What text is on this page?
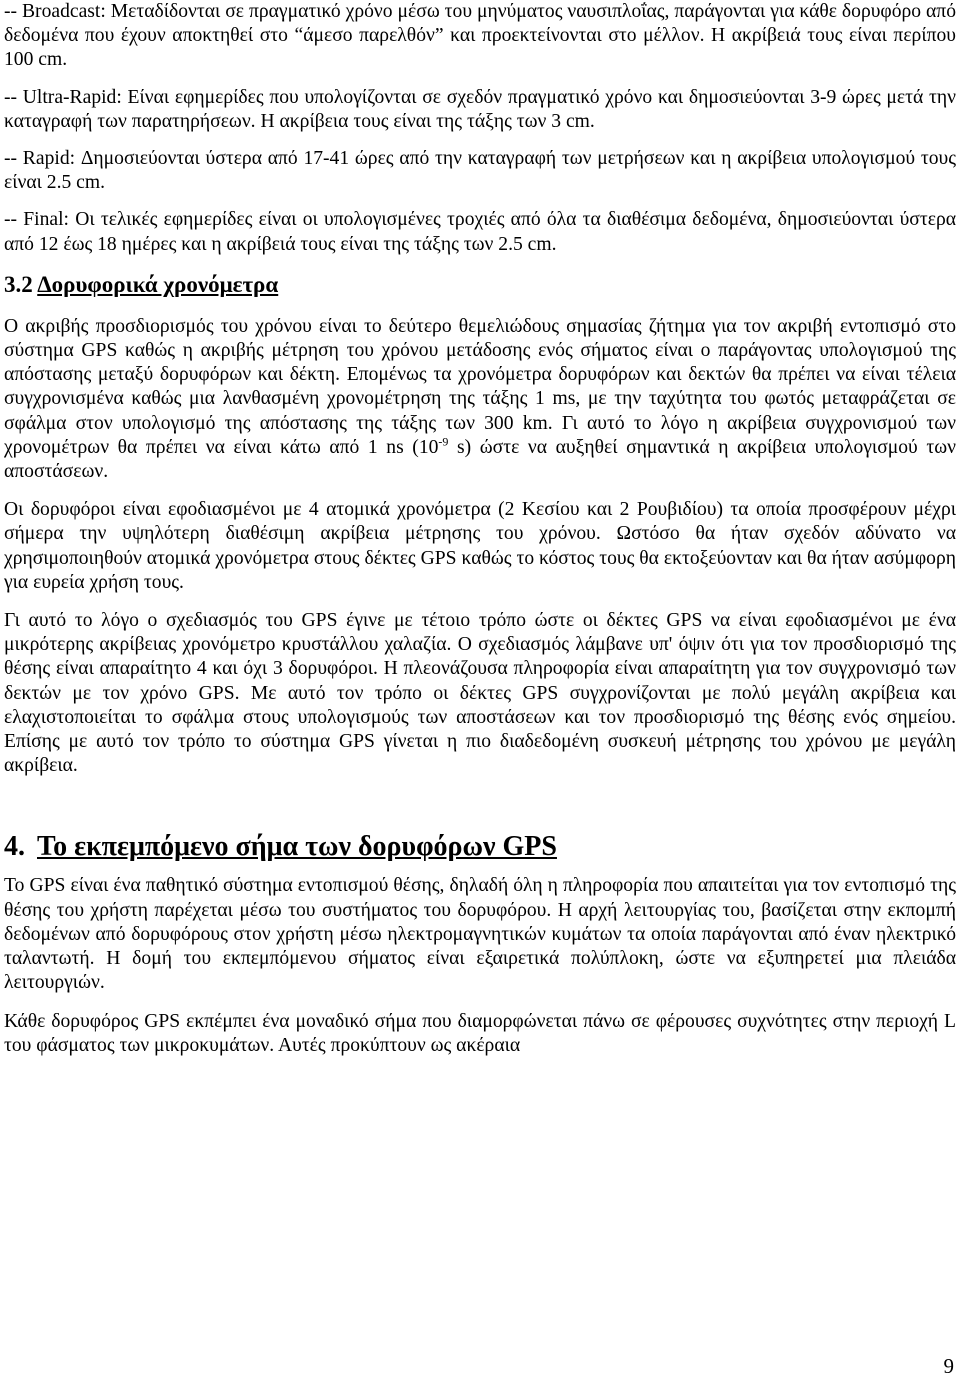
-- Broadcast: Μεταδίδονται σε πραγματικό χρόνο μέσω του μηνύματος ναυσιπλοΐας, παράγονται για κάθε δορυφόρο από δεδομένα που έχουν αποκτηθεί στο “άμεσο παρελθόν” και προεκτείνονται στο μέλλον. Η ακρίβειά τους είναι περίπου 100 cm.

-- Ultra-Rapid: Είναι εφημερίδες που υπολογίζονται σε σχεδόν πραγματικό χρόνο και δημοσιεύονται 3-9 ώρες μετά την καταγραφή των παρατηρήσεων. Η ακρίβεια τους είναι της τάξης των 3 cm.

-- Rapid: Δημοσιεύονται ύστερα από 17-41 ώρες από την καταγραφή των μετρήσεων και η ακρίβεια υπολογισμού τους είναι 2.5 cm.

-- Final: Οι τελικές εφημερίδες είναι οι υπολογισμένες τροχιές από όλα τα διαθέσιμα δεδομένα, δημοσιεύονται ύστερα από 12 έως 18 ημέρες και η ακρίβειά τους είναι της τάξης των 2.5 cm.

3.2 Δορυφορικά χρονόμετρα

Ο ακριβής προσδιορισμός του χρόνου είναι το δεύτερο θεμελιώδους σημασίας ζήτημα για τον ακριβή εντοπισμό στο σύστημα GPS καθώς η ακριβής μέτρηση του χρόνου μετάδοσης ενός σήματος είναι ο παράγοντας υπολογισμού της απόστασης μεταξύ δορυφόρων και δέκτη. Επομένως τα χρονόμετρα δορυφόρων και δεκτών θα πρέπει να είναι τέλεια συγχρονισμένα καθώς μια λανθασμένη χρονομέτρηση της τάξης 1 ms, με την ταχύτητα του φωτός μεταφράζεται σε σφάλμα στον υπολογισμό της απόστασης της τάξης των 300 km. Γι αυτό το λόγο η ακρίβεια συγχρονισμού των χρονομέτρων θα πρέπει να είναι κάτω από 1 ns ($10^{-9}$ s) ώστε να αυξηθεί σημαντικά η ακρίβεια υπολογισμού των αποστάσεων.

Οι δορυφόροι είναι εφοδιασμένοι με 4 ατομικά χρονόμετρα (2 Κεσίου και 2 Ρουβιδίου) τα οποία προσφέρουν μέχρι σήμερα την υψηλότερη διαθέσιμη ακρίβεια μέτρησης του χρόνου. Ωστόσο θα ήταν σχεδόν αδύνατο να χρησιμοποιηθούν ατομικά χρονόμετρα στους δέκτες GPS καθώς το κόστος τους θα εκτοξεύονταν και θα ήταν ασύμφορη για ευρεία χρήση τους.

Γι αυτό το λόγο ο σχεδιασμός του GPS έγινε με τέτοιο τρόπο ώστε οι δέκτες GPS να είναι εφοδιασμένοι με ένα μικρότερης ακρίβειας χρονόμετρο κρυστάλλου χαλαζία. Ο σχεδιασμός λάμβανε υπ' όψιν ότι για τον προσδιορισμό της θέσης είναι απαραίτητο 4 και όχι 3 δορυφόροι. Η πλεονάζουσα πληροφορία είναι απαραίτητη για τον συγχρονισμό των δεκτών με τον χρόνο GPS. Με αυτό τον τρόπο οι δέκτες GPS συγχρονίζονται με πολύ μεγάλη ακρίβεια και ελαχιστοποιείται το σφάλμα στους υπολογισμούς των αποστάσεων και τον προσδιορισμό της θέσης ενός σημείου. Επίσης με αυτό τον τρόπο το σύστημα GPS γίνεται η πιο διαδεδομένη συσκευή μέτρησης του χρόνου με μεγάλη ακρίβεια.

4. Το εκπεμπόμενο σήμα των δορυφόρων GPS

Το GPS είναι ένα παθητικό σύστημα εντοπισμού θέσης, δηλαδή όλη η πληροφορία που απαιτείται για τον εντοπισμό της θέσης του χρήστη παρέχεται μέσω του συστήματος του δορυφόρου. Η αρχή λειτουργίας του, βασίζεται στην εκπομπή δεδομένων από δορυφόρους στον χρήστη μέσω ηλεκτρομαγνητικών κυμάτων τα οποία παράγονται από έναν ηλεκτρικό ταλαντωτή. Η δομή του εκπεμπόμενου σήματος είναι εξαιρετικά πολύπλοκη, ώστε να εξυπηρετεί μια πλειάδα λειτουργιών.

Κάθε δορυφόρος GPS εκπέμπει ένα μοναδικό σήμα που διαμορφώνεται πάνω σε φέρουσες συχνότητες στην περιοχή L του φάσματος των μικροκυμάτων. Αυτές προκύπτουν ως ακέραια

9
